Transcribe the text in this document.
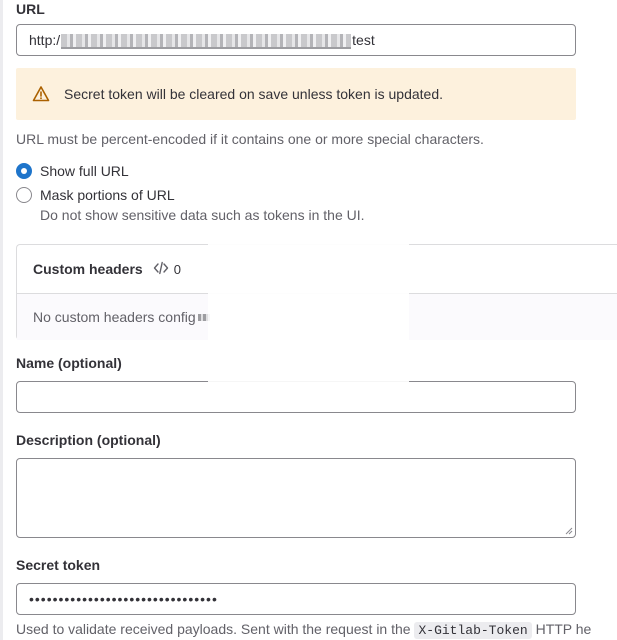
URL
http:/	test
Secret token will be cleared on save unless token is updated.
URL must be percent-encoded if it contains one or more special characters.
Show full URL
Mask portions of URL
Do not show sensitive data such as tokens in the UI.
Custom headers 0
No custom headers config
Name (optional)
Description (optional)
Secret token
••••••••••••••••••••••••••••••••
Used to validate received payloads. Sent with the request in the X-Gitlab-Token HTTP he
